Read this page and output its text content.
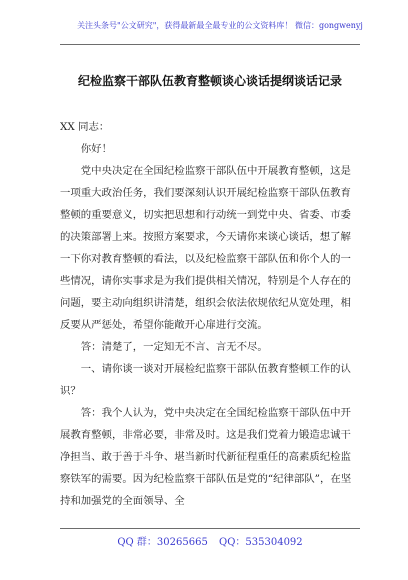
关注头条号"公文研究"，获得最新最全最专业的公文资料库！ 微信：gongwenyj
纪检监察干部队伍教育整顿谈心谈话提纲谈话记录

XX 同志：

你好！

党中央决定在全国纪检监察干部队伍中开展教育整顿，这是一项重大政治任务，我们要深刻认识开展纪检监察干部队伍教育整顿的重要意义，切实把思想和行动统一到党中央、省委、市委的决策部署上来。按照方案要求，今天请你来谈心谈话，想了解一下你对教育整顿的看法，以及纪检监察干部队伍和你个人的一些情况，请你实事求是为我们提供相关情况，特别是个人存在的问题，要主动向组织讲清楚，组织会依法依规依纪从宽处理，相反要从严惩处，希望你能敞开心扉进行交流。

答：清楚了，一定知无不言、言无不尽。

一、请你谈一谈对开展检纪监察干部队伍教育整顿工作的认识？

答：我个人认为，党中央决定在全国纪检监察干部队伍中开展教育整顿，非常必要，非常及时。这是我们党着力锻造忠诚干净担当、敢于善于斗争、堪当新时代新征程重任的高素质纪检监察铁军的需要。因为纪检监察干部队伍是党的“纪律部队”，在坚持和加强党的全面领导、全

QQ 群：30265665 QQ：535304092
